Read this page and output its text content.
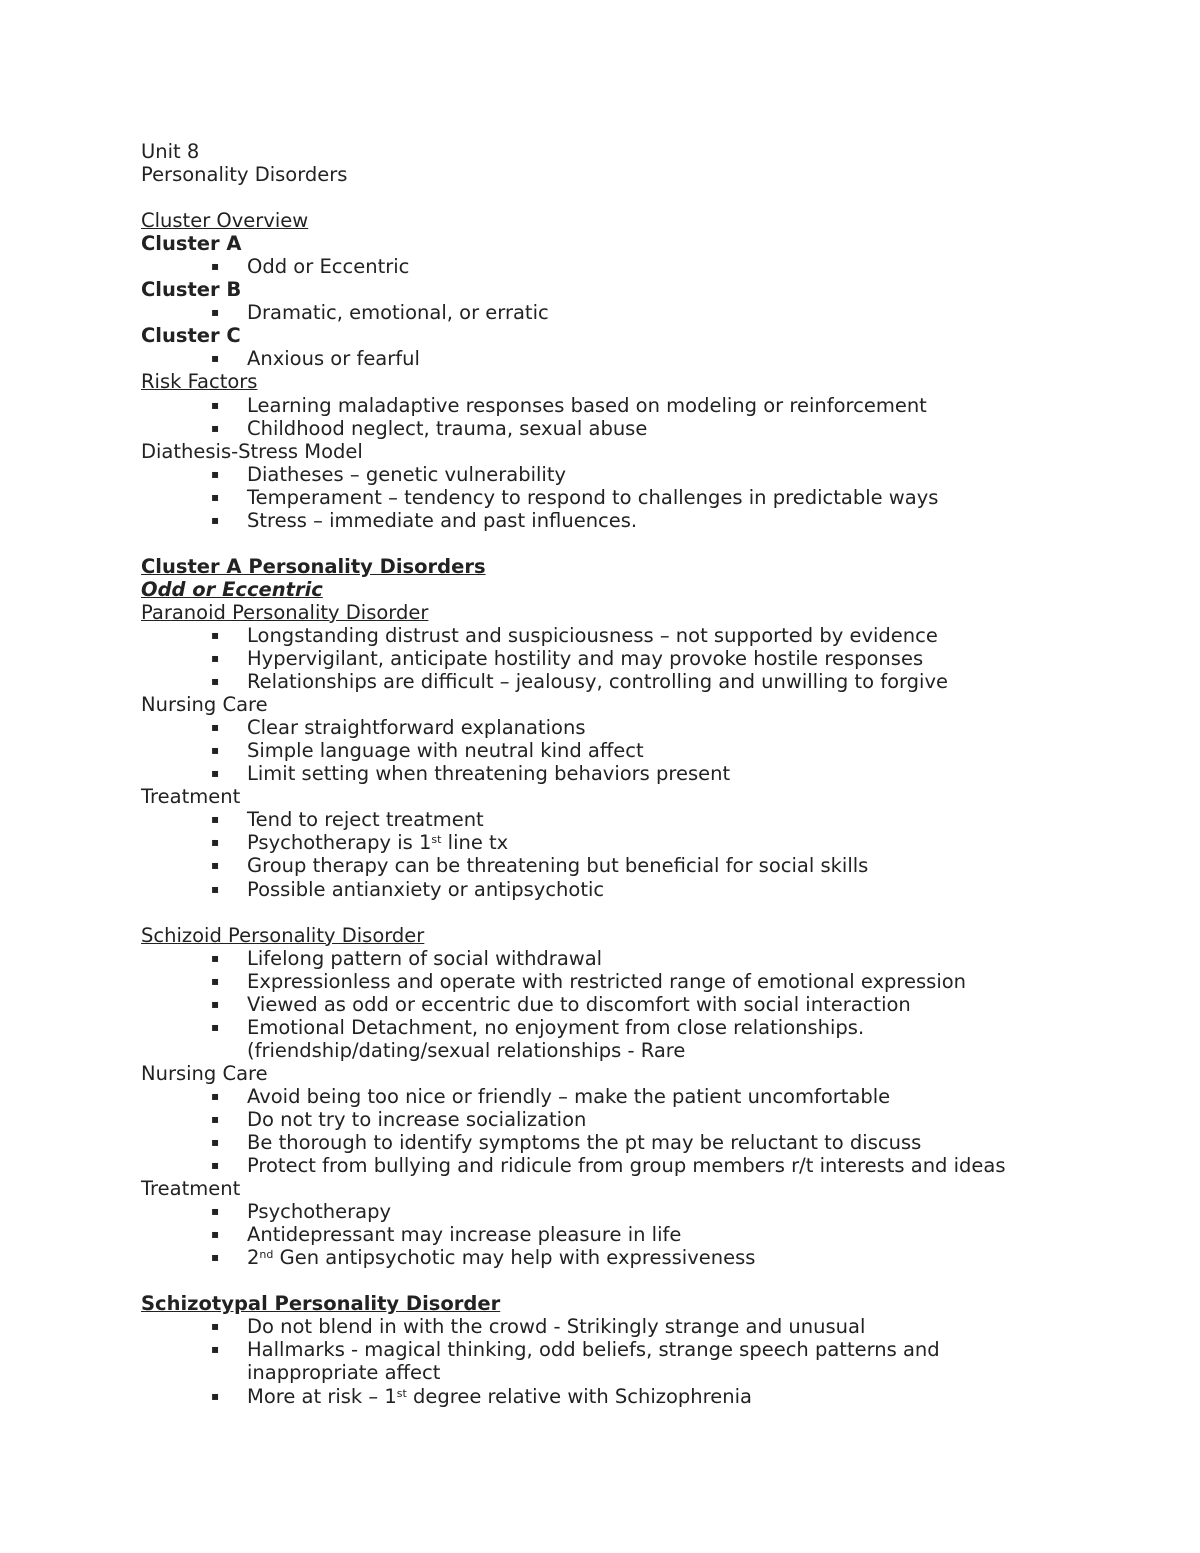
Unit 8
Personality Disorders
Cluster Overview
Cluster A
▪ Odd or Eccentric
Cluster B
▪ Dramatic, emotional, or erratic
Cluster C
▪ Anxious or fearful
Risk Factors
▪ Learning maladaptive responses based on modeling or reinforcement
▪ Childhood neglect, trauma, sexual abuse
Diathesis-Stress Model
▪ Diatheses – genetic vulnerability
▪ Temperament – tendency to respond to challenges in predictable ways
▪ Stress – immediate and past influences.
Cluster A Personality Disorders
Odd or Eccentric
Paranoid Personality Disorder
▪ Longstanding distrust and suspiciousness – not supported by evidence
▪ Hypervigilant, anticipate hostility and may provoke hostile responses
▪ Relationships are difficult – jealousy, controlling and unwilling to forgive
Nursing Care
▪ Clear straightforward explanations
▪ Simple language with neutral kind affect
▪ Limit setting when threatening behaviors present
Treatment
▪ Tend to reject treatment
▪ Psychotherapy is 1st line tx
▪ Group therapy can be threatening but beneficial for social skills
▪ Possible antianxiety or antipsychotic
Schizoid Personality Disorder
▪ Lifelong pattern of social withdrawal
▪ Expressionless and operate with restricted range of emotional expression
▪ Viewed as odd or eccentric due to discomfort with social interaction
▪ Emotional Detachment, no enjoyment from close relationships. (friendship/dating/sexual relationships - Rare
Nursing Care
▪ Avoid being too nice or friendly – make the patient uncomfortable
▪ Do not try to increase socialization
▪ Be thorough to identify symptoms the pt may be reluctant to discuss
▪ Protect from bullying and ridicule from group members r/t interests and ideas
Treatment
▪ Psychotherapy
▪ Antidepressant may increase pleasure in life
▪ 2nd Gen antipsychotic may help with expressiveness
Schizotypal Personality Disorder
▪ Do not blend in with the crowd - Strikingly strange and unusual
▪ Hallmarks - magical thinking, odd beliefs, strange speech patterns and inappropriate affect
▪ More at risk – 1st degree relative with Schizophrenia
